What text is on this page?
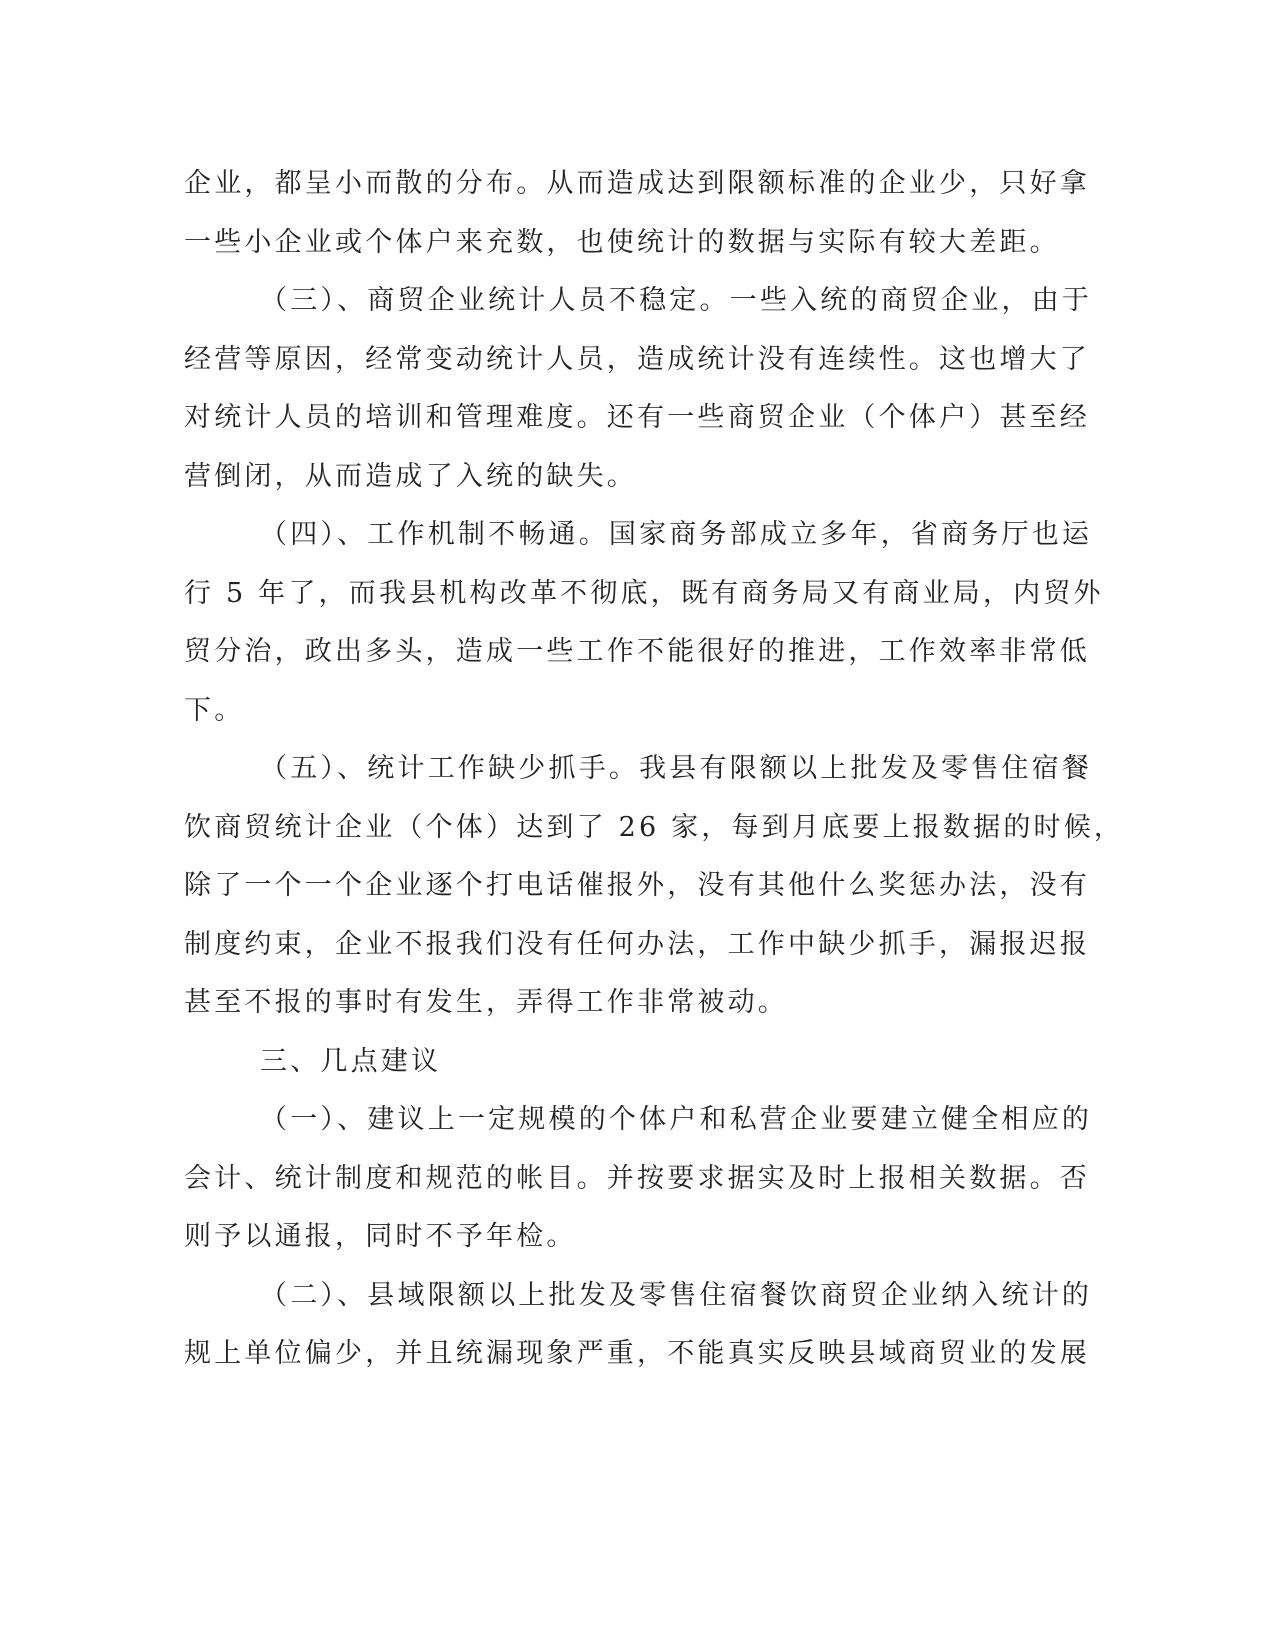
企业，都呈小而散的分布。从而造成达到限额标准的企业少，只好拿
一些小企业或个体户来充数，也使统计的数据与实际有较大差距。
（三）、商贸企业统计人员不稳定。一些入统的商贸企业，由于
经营等原因，经常变动统计人员，造成统计没有连续性。这也增大了
对统计人员的培训和管理难度。还有一些商贸企业（个体户）甚至经
营倒闭，从而造成了入统的缺失。
（四）、工作机制不畅通。国家商务部成立多年，省商务厅也运
行 5 年了，而我县机构改革不彻底，既有商务局又有商业局，内贸外
贸分治，政出多头，造成一些工作不能很好的推进，工作效率非常低
下。
（五）、统计工作缺少抓手。我县有限额以上批发及零售住宿餐
饮商贸统计企业（个体）达到了 26 家，每到月底要上报数据的时候，
除了一个一个企业逐个打电话催报外，没有其他什么奖惩办法，没有
制度约束，企业不报我们没有任何办法，工作中缺少抓手，漏报迟报
甚至不报的事时有发生，弄得工作非常被动。
三、几点建议
（一）、建议上一定规模的个体户和私营企业要建立健全相应的
会计、统计制度和规范的帐目。并按要求据实及时上报相关数据。否
则予以通报，同时不予年检。
（二）、县域限额以上批发及零售住宿餐饮商贸企业纳入统计的
规上单位偏少，并且统漏现象严重，不能真实反映县域商贸业的发展
